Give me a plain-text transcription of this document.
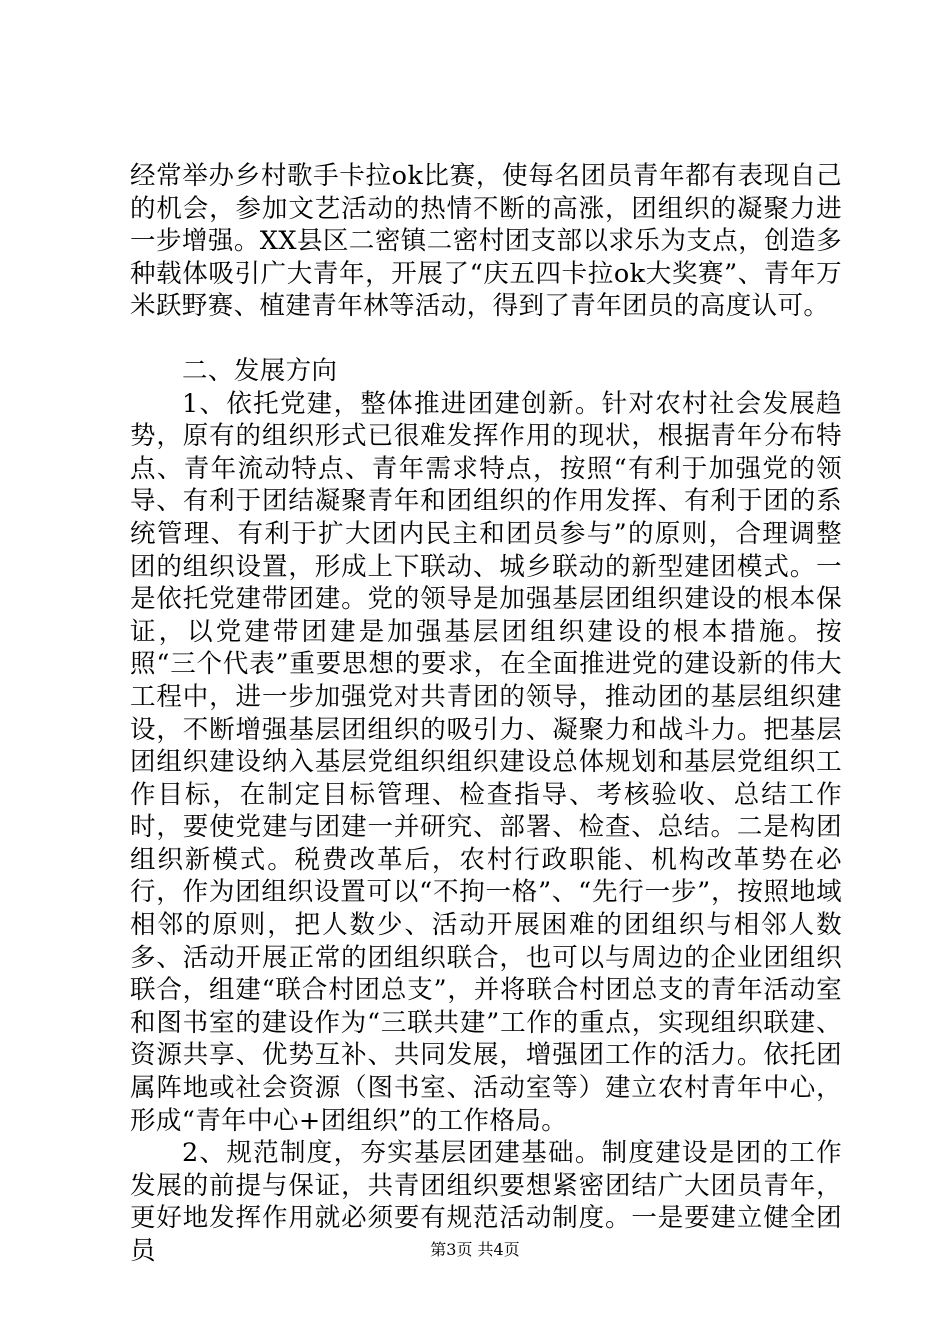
经常举办乡村歌手卡拉ok比赛，使每名团员青年都有表现自己的机会，参加文艺活动的热情不断的高涨，团组织的凝聚力进一步增强。XX县区二密镇二密村团支部以求乐为支点，创造多种载体吸引广大青年，开展了“庆五四卡拉ok大奖赛”、青年万米跃野赛、植建青年林等活动，得到了青年团员的高度认可。

二、发展方向

1、依托党建，整体推进团建创新。针对农村社会发展趋势，原有的组织形式已很难发挥作用的现状，根据青年分布特点、青年流动特点、青年需求特点，按照“有利于加强党的领导、有利于团结凝聚青年和团组织的作用发挥、有利于团的系统管理、有利于扩大团内民主和团员参与”的原则，合理调整团的组织设置，形成上下联动、城乡联动的新型建团模式。一是依托党建带团建。党的领导是加强基层团组织建设的根本保证，以党建带团建是加强基层团组织建设的根本措施。按照“三个代表”重要思想的要求，在全面推进党的建设新的伟大工程中，进一步加强党对共青团的领导，推动团的基层组织建设，不断增强基层团组织的吸引力、凝聚力和战斗力。把基层团组织建设纳入基层党组织组织建设总体规划和基层党组织工作目标，在制定目标管理、检查指导、考核验收、总结工作时，要使党建与团建一并研究、部署、检查、总结。二是构团组织新模式。税费改革后，农村行政职能、机构改革势在必行，作为团组织设置可以“不拘一格”、“先行一步”，按照地域相邻的原则，把人数少、活动开展困难的团组织与相邻人数多、活动开展正常的团组织联合，也可以与周边的企业团组织联合，组建“联合村团总支”，并将联合村团总支的青年活动室和图书室的建设作为“三联共建”工作的重点，实现组织联建、资源共享、优势互补、共同发展，增强团工作的活力。依托团属阵地或社会资源（图书室、活动室等）建立农村青年中心，形成“青年中心+团组织”的工作格局。

2、规范制度，夯实基层团建基础。制度建设是团的工作发展的前提与保证，共青团组织要想紧密团结广大团员青年，更好地发挥作用就必须要有规范活动制度。一是要建立健全团员	第3页 共4页
